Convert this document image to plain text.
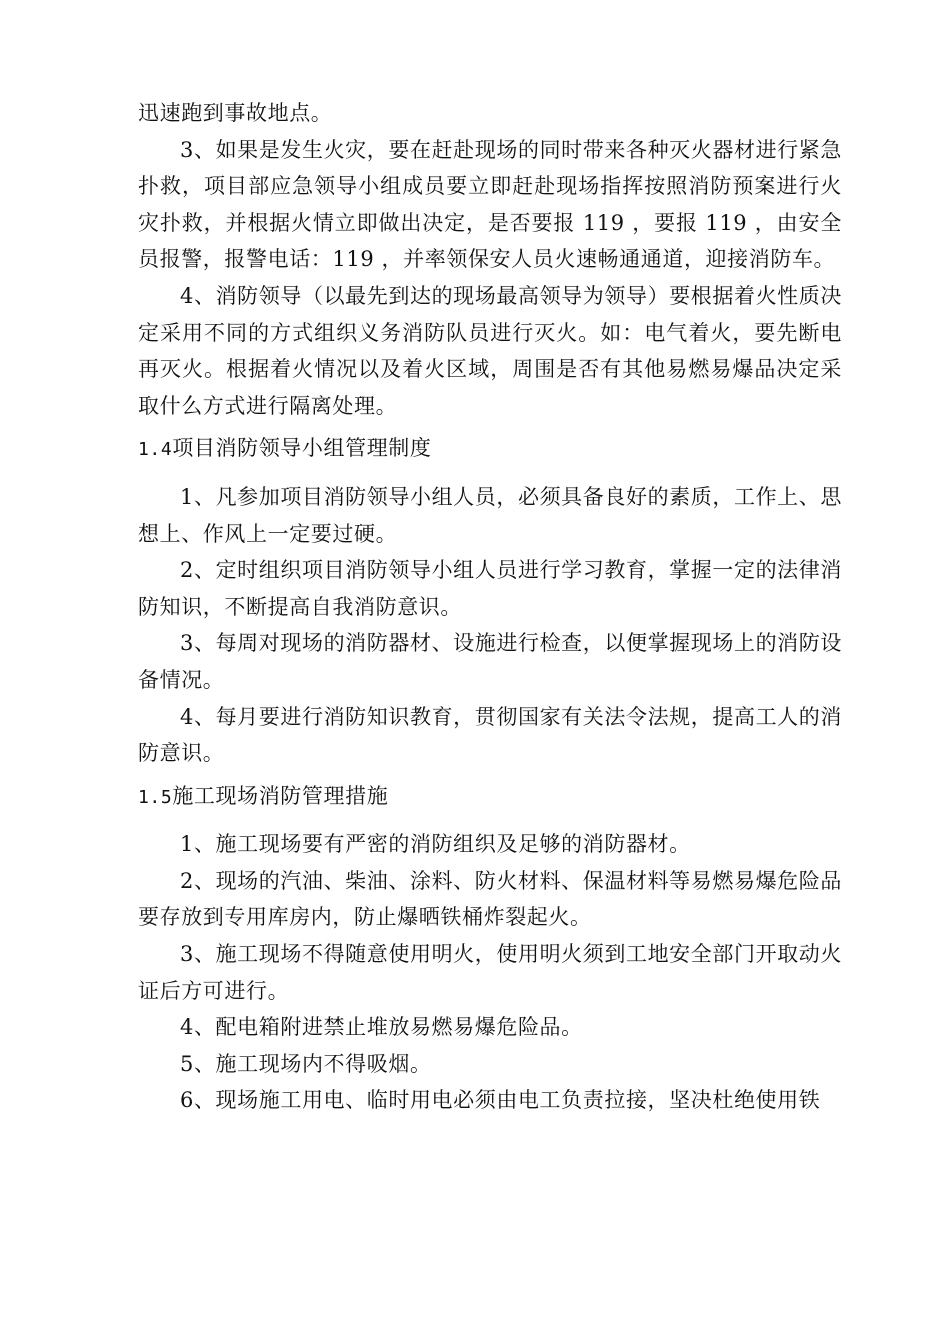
迅速跑到事故地点。

3、如果是发生火灾，要在赶赴现场的同时带来各种灭火器材进行紧急扑救，项目部应急领导小组成员要立即赶赴现场指挥按照消防预案进行火灾扑救，并根据火情立即做出决定，是否要报 119 ，要报 119 ，由安全员报警，报警电话：119 ，并率领保安人员火速畅通通道，迎接消防车。

4、消防领导（以最先到达的现场最高领导为领导）要根据着火性质决定采用不同的方式组织义务消防队员进行灭火。如：电气着火，要先断电再灭火。根据着火情况以及着火区域，周围是否有其他易燃易爆品决定采取什么方式进行隔离处理。

1.4项目消防领导小组管理制度

1、凡参加项目消防领导小组人员，必须具备良好的素质，工作上、思想上、作风上一定要过硬。

2、定时组织项目消防领导小组人员进行学习教育，掌握一定的法律消防知识，不断提高自我消防意识。

3、每周对现场的消防器材、设施进行检查，以便掌握现场上的消防设备情况。

4、每月要进行消防知识教育，贯彻国家有关法令法规，提高工人的消防意识。

1.5施工现场消防管理措施

1、施工现场要有严密的消防组织及足够的消防器材。

2、现场的汽油、柴油、涂料、防火材料、保温材料等易燃易爆危险品要存放到专用库房内，防止爆晒铁桶炸裂起火。

3、施工现场不得随意使用明火，使用明火须到工地安全部门开取动火证后方可进行。

4、配电箱附进禁止堆放易燃易爆危险品。

5、施工现场内不得吸烟。

6、现场施工用电、临时用电必须由电工负责拉接，坚决杜绝使用铁
